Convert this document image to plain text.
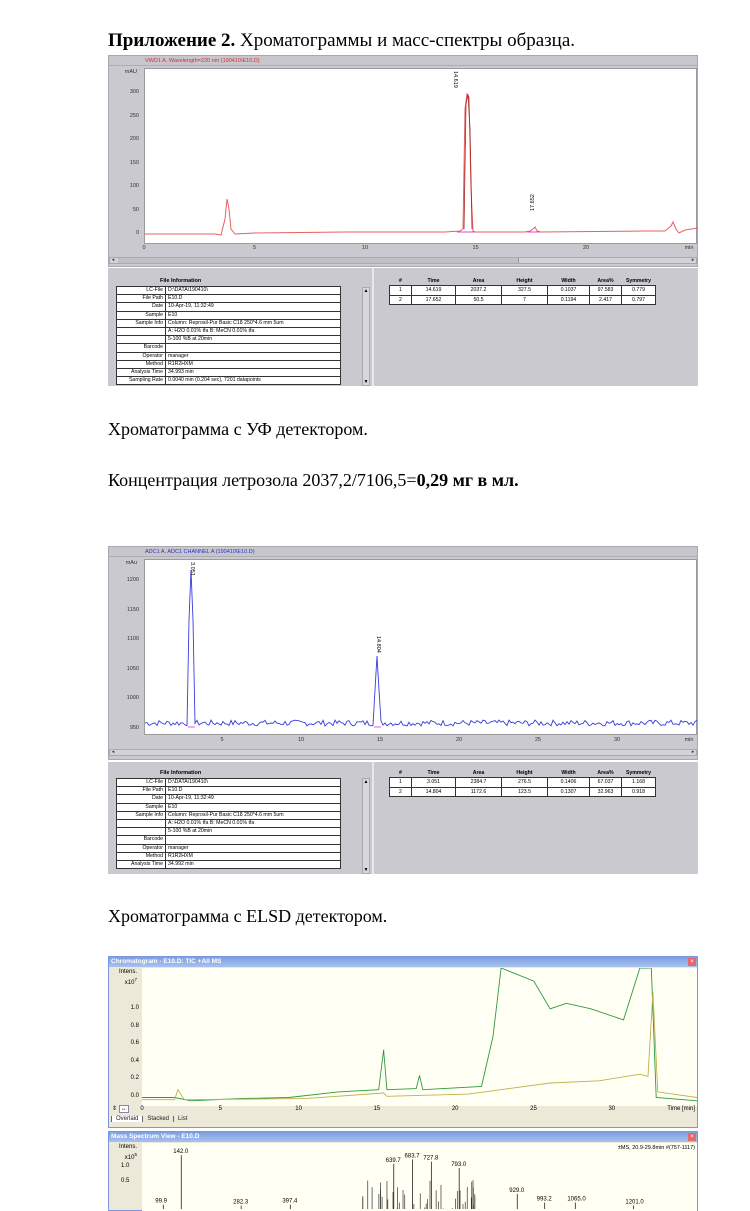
Приложение 2. Хроматограммы и масс-спектры образца.
VWD1 A, Wavelength=220 nm (190410\E10.D)
mAU
300
250
200
150
100
50
0
14.619
17.652
0	5	10	15	20	min
◂	▸
File Information
LC-File	D:\DATA\190410\
File Path	E10.D
Date	10-Apr-19, 11:32:49
Sample	E10
Sample Info	Column: Reprosil-Pur Basic C18 250*4.6 mm 5um
	A: H2O 0.01% tfa B: MeCN 0.01% tfa
	5-100 %B at 20min
Barcode	
Operator	manager
Method	R1R2HXM
Analysis Time	34.993 min
Sampling Rate	0.0040 min (0.204 sec), 7201 datapoints
▲
▼
#	Time	Area	Height	Width	Area%	Symmetry
1	14.619	2037.2	327.5	0.1037	97.583	0.779
2	17.652	50.5	7	0.1194	2.417	0.797
Хроматограмма с УФ детектором.
Концентрация летрозола 2037,2/7106,5=0,29 мг в мл.
ADC1 A, ADC1 CHANNEL A (190410\E10.D)
mAu
1200
1150
1100
1050
1000
950
3.051
14.804
5	10	15	20	25	30	min
◂	▸
File Information
LC-File	D:\DATA\190410\
File Path	E10.D
Date	10-Apr-19, 11:32:49
Sample	E10
Sample Info	Column: Reprosil-Pur Basic C18 250*4.6 mm 5um
	A: H2O 0.01% tfa B: MeCN 0.01% tfa
	5-100 %B at 20min
Barcode	
Operator	manager
Method	R1R2HXM
Analysis Time	34.992 min
▲
▼
#	Time	Area	Height	Width	Area%	Symmetry
1	3.051	2384.7	276.5	0.1406	67.037	1.168
2	14.804	1172.6	123.5	0.1307	32.963	0.918
Хроматограмма с ELSD детектором.
Chromatogram - E10.D: TIC +All MS	×
Intens.
$x10^7$
1.0
0.8
0.6
0.4
0.2
0.0
0	5	10	15	20	25	30	Time [min]
⇕ ↔
Overlaid Stacked List
Mass Spectrum View - E10.D	×
Intens.
$x10^5$
1.0
0.5
99.9
142.0
282.3	397.4
639.7
683.7 727.8
793.0
929.0
993.2	1065.0
1201.0
±MS, 20.9-29.8min #(757-1117)
